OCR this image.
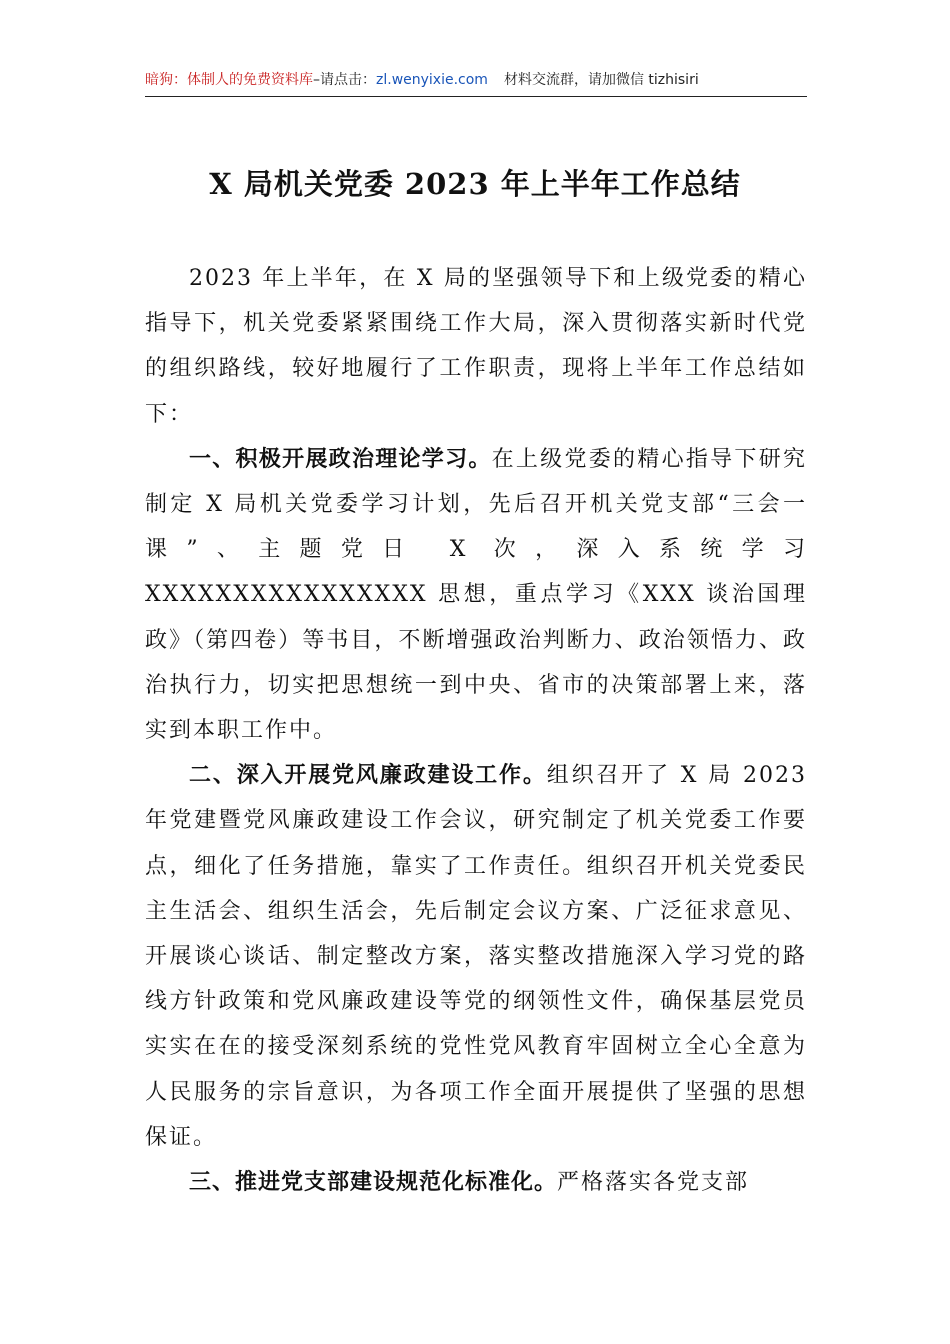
暗狗：体制人的免费资料库–请点击：zl.wenyixie.com 材料交流群，请加微信 tizhisiri
X 局机关党委 2023 年上半年工作总结

2023 年上半年，在 X 局的坚强领导下和上级党委的精心指导下，机关党委紧紧围绕工作大局，深入贯彻落实新时代党的组织路线，较好地履行了工作职责，现将上半年工作总结如下：

一、积极开展政治理论学习。在上级党委的精心指导下研究制定 X 局机关党委学习计划，先后召开机关党支部“三会一课”、主题党日 X 次，深入系统学习 XXXXXXXXXXXXXXXX 思想，重点学习《XXX 谈治国理政》（第四卷）等书目，不断增强政治判断力、政治领悟力、政治执行力，切实把思想统一到中央、省市的决策部署上来，落实到本职工作中。

二、深入开展党风廉政建设工作。组织召开了 X 局 2023 年党建暨党风廉政建设工作会议，研究制定了机关党委工作要点，细化了任务措施，靠实了工作责任。组织召开机关党委民主生活会、组织生活会，先后制定会议方案、广泛征求意见、开展谈心谈话、制定整改方案，落实整改措施深入学习党的路线方针政策和党风廉政建设等党的纲领性文件，确保基层党员实实在在的接受深刻系统的党性党风教育牢固树立全心全意为人民服务的宗旨意识，为各项工作全面开展提供了坚强的思想保证。

三、推进党支部建设规范化标准化。严格落实各党支部
